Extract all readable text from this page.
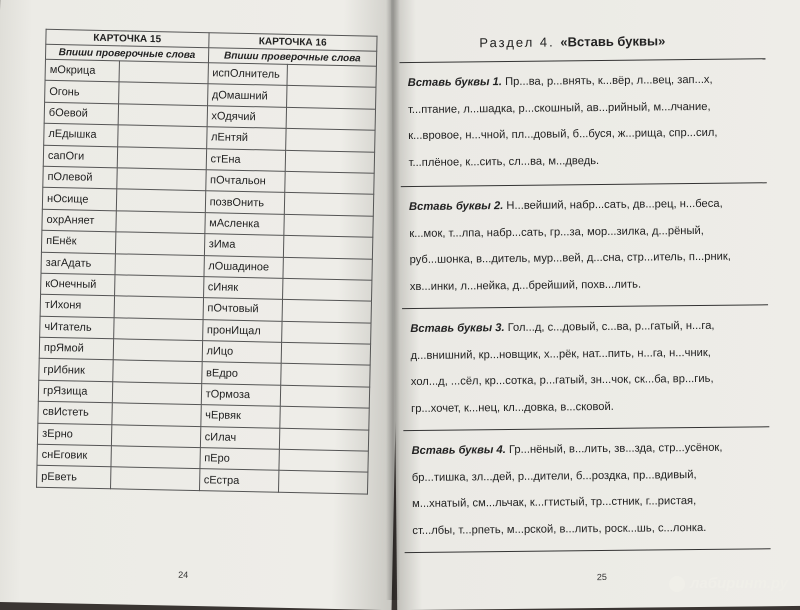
КАРТОЧКА 15		КАРТОЧКА 16	
Впиши проверочные слова		Впиши проверочные слова	
мОкрица		испОлнитель	
Огонь		дОмашний	
бОевой		хОдячий	
лЕдышка		лЕнтяй	
сапОги		стЕна	
пОлевой		пОчтальон	
нОсище		позвОнить	
охрАняет		мАсленка	
пЕнёк		зИма	
загАдать		лОшадиное	
кОнечный		сИняк	
тИхоня		пОчтовый	
чИтатель		пронИщал	
прЯмой		лИцо	
грИбник		вЕдро	
грЯзища		тОрмоза	
свИстеть		чЕрвяк	
зЕрно		сИлач	
снЕговик		пЕро	
рЕветь		сЕстра	
24
Раздел 4. «Вставь буквы»
Вставь буквы 1. Пр...ва, р...внять, к...вёр, л...вец, зап...х,
т...птание, л...шадка, р...скошный, ав...рийный, м...лчание,
к...вровое, н...чной, пл...довый, б...буся, ж...рища, спр...сил,
т...плёное, к...сить, сл...ва, м...дведь.
Вставь буквы 2. Н...вейший, набр...сать, дв...рец, н...беса,
к...мок, т...лпа, набр...сать, гр...за, мор...зилка, д...рёный,
руб...шонка, в...дитель, мур...вей, д...сна, стр...итель, п...рник,
хв...инки, л...нейка, д...брейший, похв...лить.
Вставь буквы 3. Гол...д, с...довый, с...ва, р...гатый, н...га,
д...внишний, кр...новщик, х...рёк, нат...пить, н...га, н...чник,
хол...д, ...сёл, кр...сотка, р...гатый, зн...чок, ск...ба, вр...гиь,
гр...хочет, к...нец, кл...довка, в...сковой.
Вставь буквы 4. Гр...нёный, в...лить, зв...зда, стр...усёнок,
бр...тишка, зл...дей, р...дители, б...роздка, пр...вдивый,
м...хнатый, см...льчак, к...гтистый, тр...стник, г...ристая,
ст...лбы, т...рпеть, м...рской, в...лить, роск...шь, с...лонка.
25	лабиринт.ру
